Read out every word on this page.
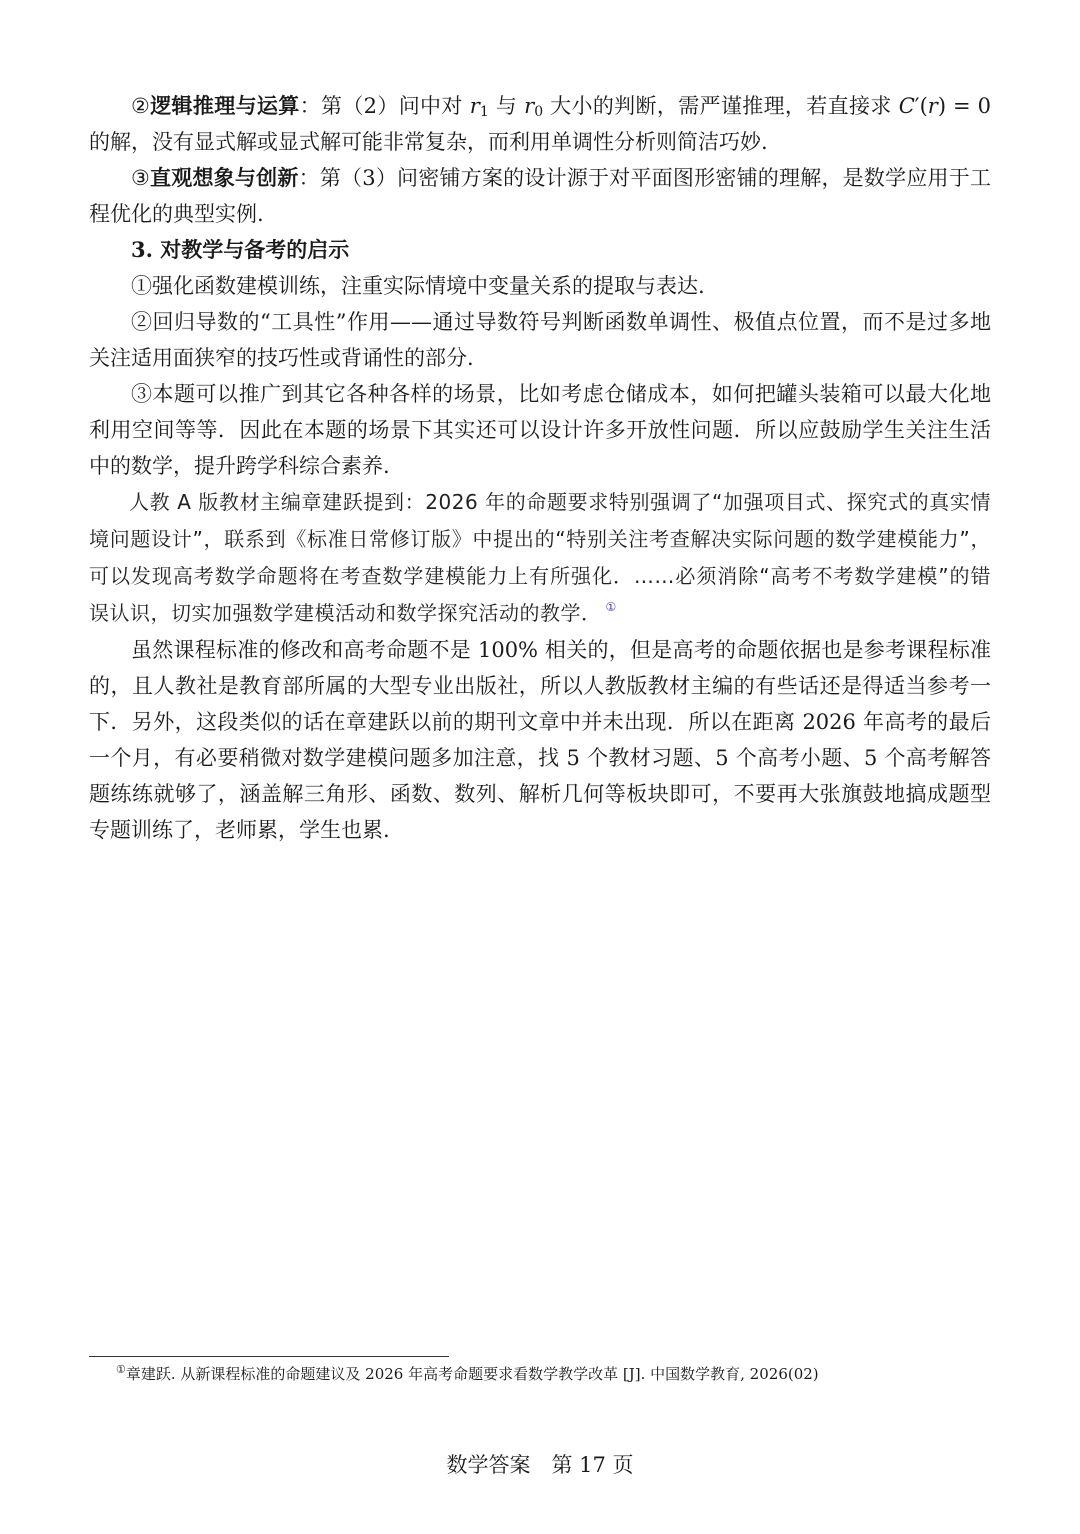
②逻辑推理与运算：第（2）问中对 $r_1$ 与 $r_0$ 大小的判断，需严谨推理，若直接求 C′(r) = 0 的解，没有显式解或显式解可能非常复杂，而利用单调性分析则简洁巧妙.

③直观想象与创新：第（3）问密铺方案的设计源于对平面图形密铺的理解，是数学应用于工程优化的典型实例.

3. 对教学与备考的启示

①强化函数建模训练，注重实际情境中变量关系的提取与表达.

②回归导数的“工具性”作用——通过导数符号判断函数单调性、极值点位置，而不是过多地关注适用面狭窄的技巧性或背诵性的部分.

③本题可以推广到其它各种各样的场景，比如考虑仓储成本，如何把罐头装箱可以最大化地利用空间等等．因此在本题的场景下其实还可以设计许多开放性问题．所以应鼓励学生关注生活中的数学，提升跨学科综合素养.

人教 A 版教材主编章建跃提到：2026 年的命题要求特别强调了“加强项目式、探究式的真实情境问题设计”，联系到《标准日常修订版》中提出的“特别关注考查解决实际问题的数学建模能力”，可以发现高考数学命题将在考查数学建模能力上有所强化．……必须消除“高考不考数学建模”的错误认识，切实加强数学建模活动和数学探究活动的教学． ①

虽然课程标准的修改和高考命题不是 100% 相关的，但是高考的命题依据也是参考课程标准的，且人教社是教育部所属的大型专业出版社，所以人教版教材主编的有些话还是得适当参考一下．另外，这段类似的话在章建跃以前的期刊文章中并未出现．所以在距离 2026 年高考的最后一个月，有必要稍微对数学建模问题多加注意，找 5 个教材习题、5 个高考小题、5 个高考解答题练练就够了，涵盖解三角形、函数、数列、解析几何等板块即可，不要再大张旗鼓地搞成题型专题训练了，老师累，学生也累.

①章建跃. 从新课程标准的命题建议及 2026 年高考命题要求看数学教学改革 [J]. 中国数学教育, 2026(02)
数学答案　第 17 页
